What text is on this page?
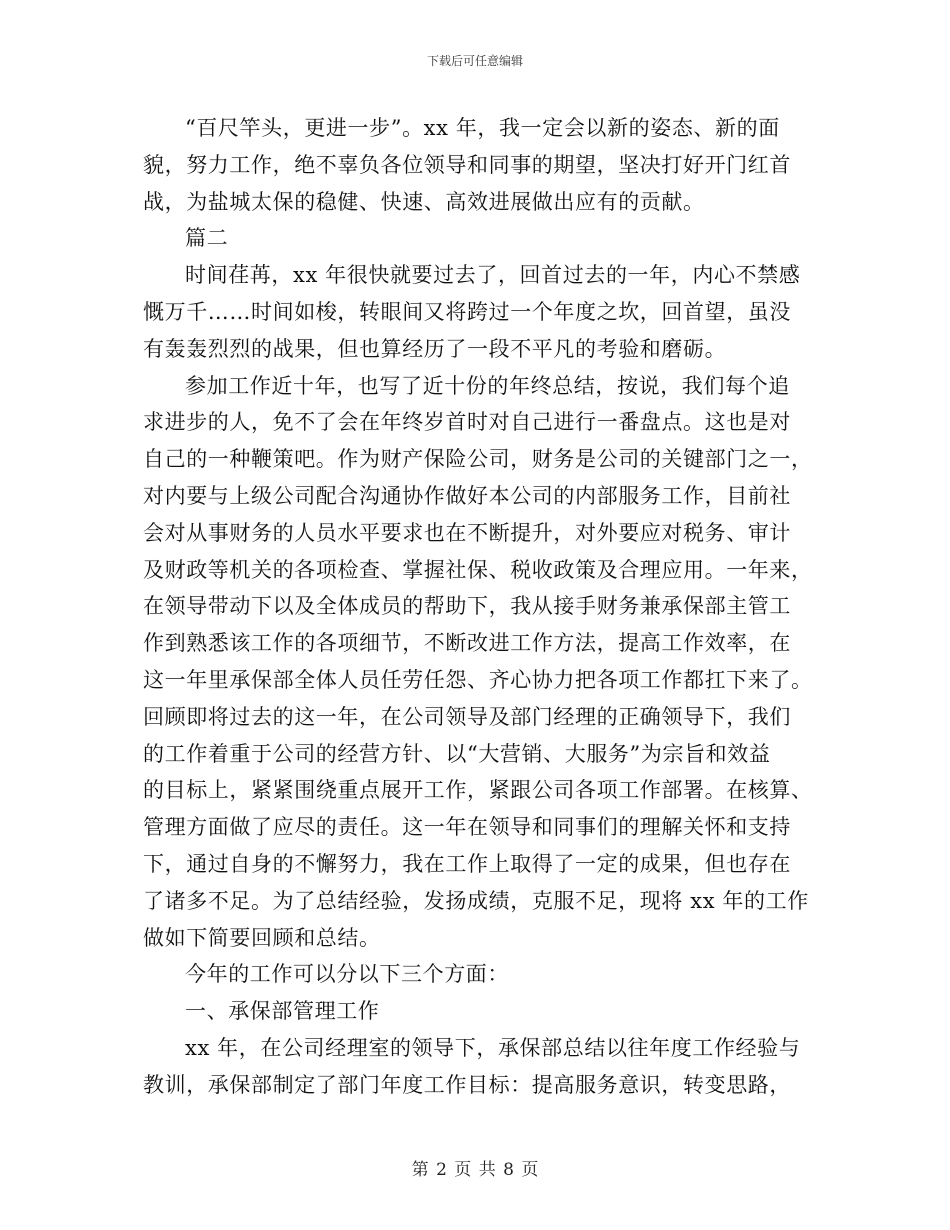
下载后可任意编辑
“百尺竿头，更进一步”。xx 年，我一定会以新的姿态、新的面
貌，努力工作，绝不辜负各位领导和同事的期望，坚决打好开门红首
战，为盐城太保的稳健、快速、高效进展做出应有的贡献。
篇二
时间荏苒，xx 年很快就要过去了，回首过去的一年，内心不禁感
慨万千……时间如梭，转眼间又将跨过一个年度之坎，回首望，虽没
有轰轰烈烈的战果，但也算经历了一段不平凡的考验和磨砺。
参加工作近十年，也写了近十份的年终总结，按说，我们每个追
求进步的人，免不了会在年终岁首时对自己进行一番盘点。这也是对
自己的一种鞭策吧。作为财产保险公司，财务是公司的关键部门之一，
对内要与上级公司配合沟通协作做好本公司的内部服务工作，目前社
会对从事财务的人员水平要求也在不断提升，对外要应对税务、审计
及财政等机关的各项检查、掌握社保、税收政策及合理应用。一年来，
在领导带动下以及全体成员的帮助下，我从接手财务兼承保部主管工
作到熟悉该工作的各项细节，不断改进工作方法，提高工作效率，在
这一年里承保部全体人员任劳任怨、齐心协力把各项工作都扛下来了。
回顾即将过去的这一年，在公司领导及部门经理的正确领导下，我们
的工作着重于公司的经营方针、以“大营销、大服务”为宗旨和效益
的目标上，紧紧围绕重点展开工作，紧跟公司各项工作部署。在核算、
管理方面做了应尽的责任。这一年在领导和同事们的理解关怀和支持
下，通过自身的不懈努力，我在工作上取得了一定的成果，但也存在
了诸多不足。为了总结经验，发扬成绩，克服不足，现将 xx 年的工作
做如下简要回顾和总结。
今年的工作可以分以下三个方面：
一、承保部管理工作
xx 年，在公司经理室的领导下，承保部总结以往年度工作经验与
教训，承保部制定了部门年度工作目标：提高服务意识，转变思路，
第 2 页 共 8 页
